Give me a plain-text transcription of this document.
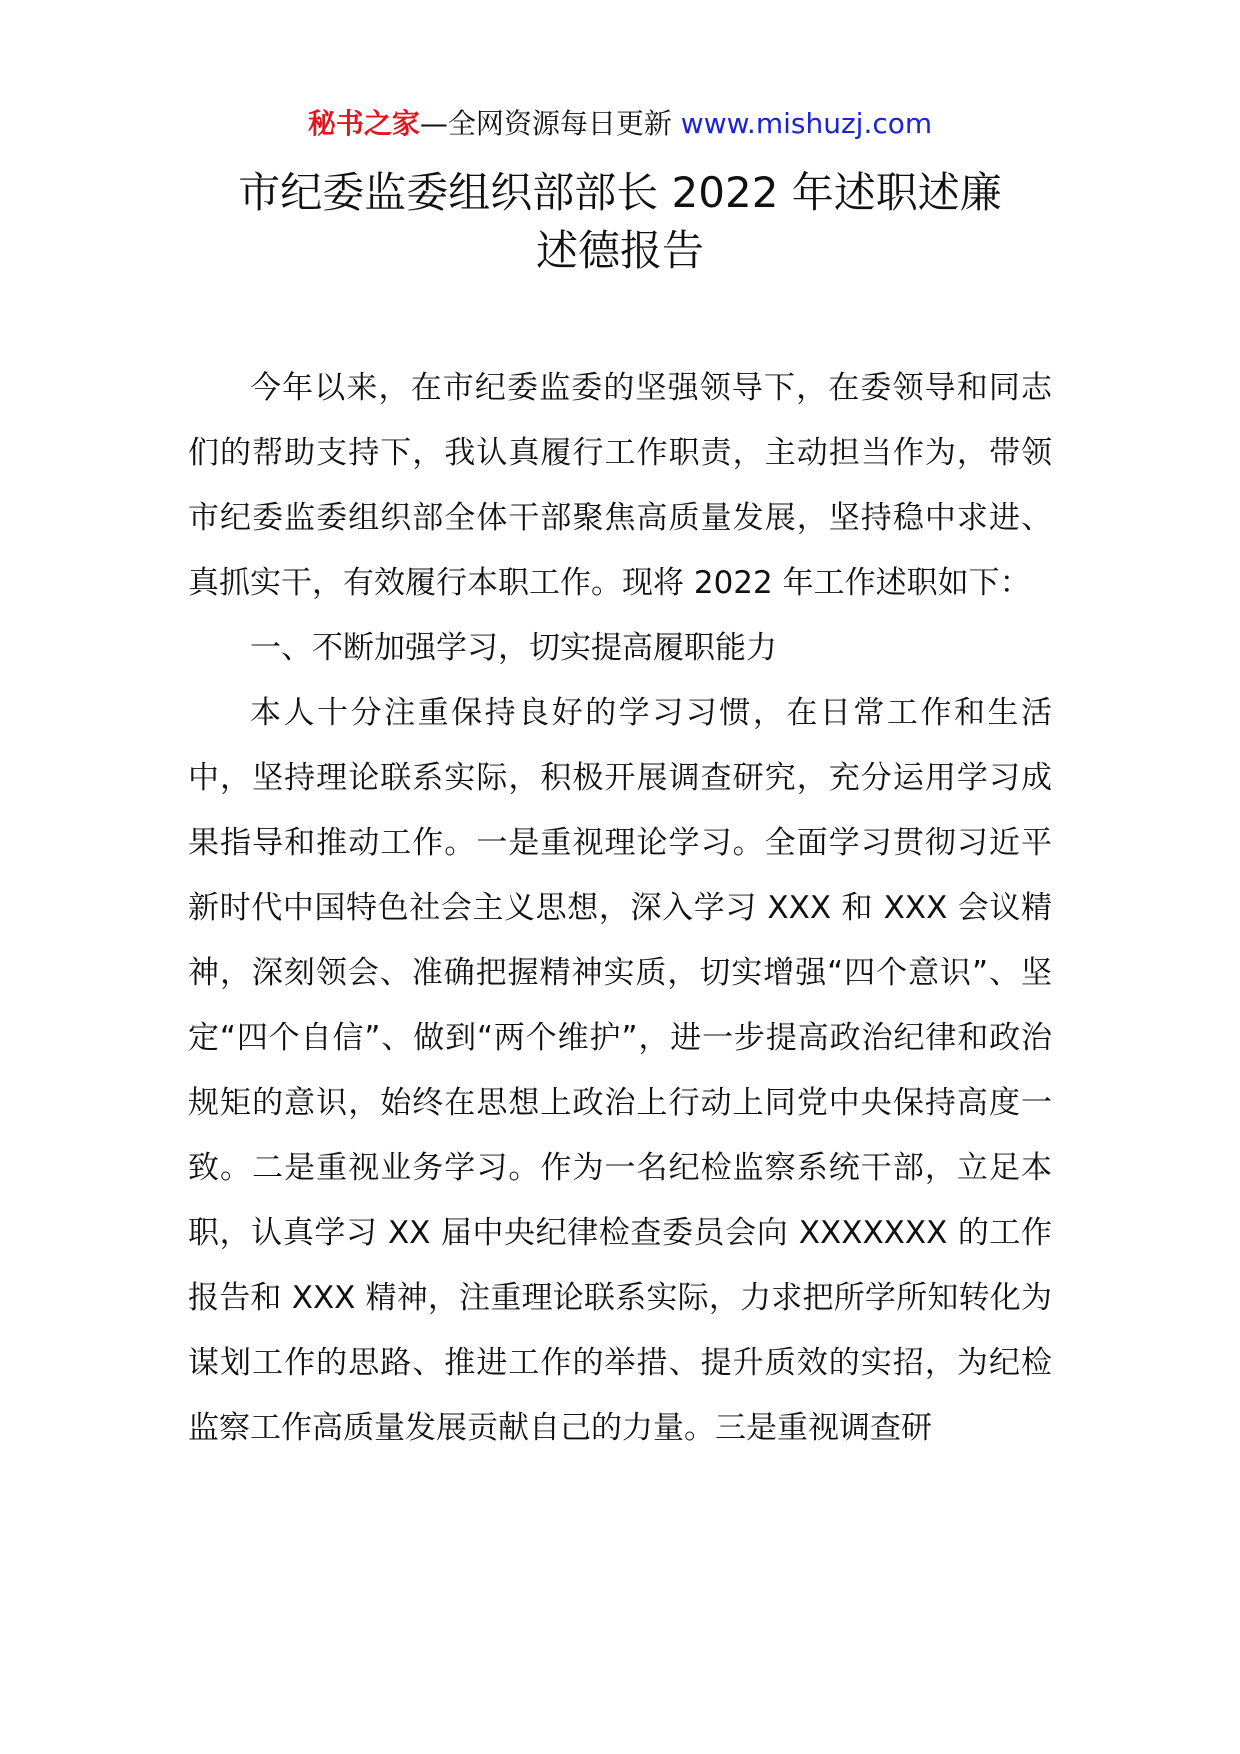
秘书之家—全网资源每日更新 www.mishuzj.com
市纪委监委组织部部长 2022 年述职述廉
述德报告

今年以来，在市纪委监委的坚强领导下，在委领导和同志们的帮助支持下，我认真履行工作职责，主动担当作为，带领市纪委监委组织部全体干部聚焦高质量发展，坚持稳中求进、真抓实干，有效履行本职工作。现将 2022 年工作述职如下：

一、不断加强学习，切实提高履职能力

本人十分注重保持良好的学习习惯，在日常工作和生活中，坚持理论联系实际，积极开展调查研究，充分运用学习成果指导和推动工作。一是重视理论学习。全面学习贯彻习近平新时代中国特色社会主义思想，深入学习 XXX 和 XXX 会议精神，深刻领会、准确把握精神实质，切实增强“四个意识”、坚定“四个自信”、做到“两个维护”，进一步提高政治纪律和政治规矩的意识，始终在思想上政治上行动上同党中央保持高度一致。二是重视业务学习。作为一名纪检监察系统干部，立足本职，认真学习 XX 届中央纪律检查委员会向 XXXXXXX 的工作报告和 XXX 精神，注重理论联系实际，力求把所学所知转化为谋划工作的思路、推进工作的举措、提升质效的实招，为纪检监察工作高质量发展贡献自己的力量。三是重视调查研
